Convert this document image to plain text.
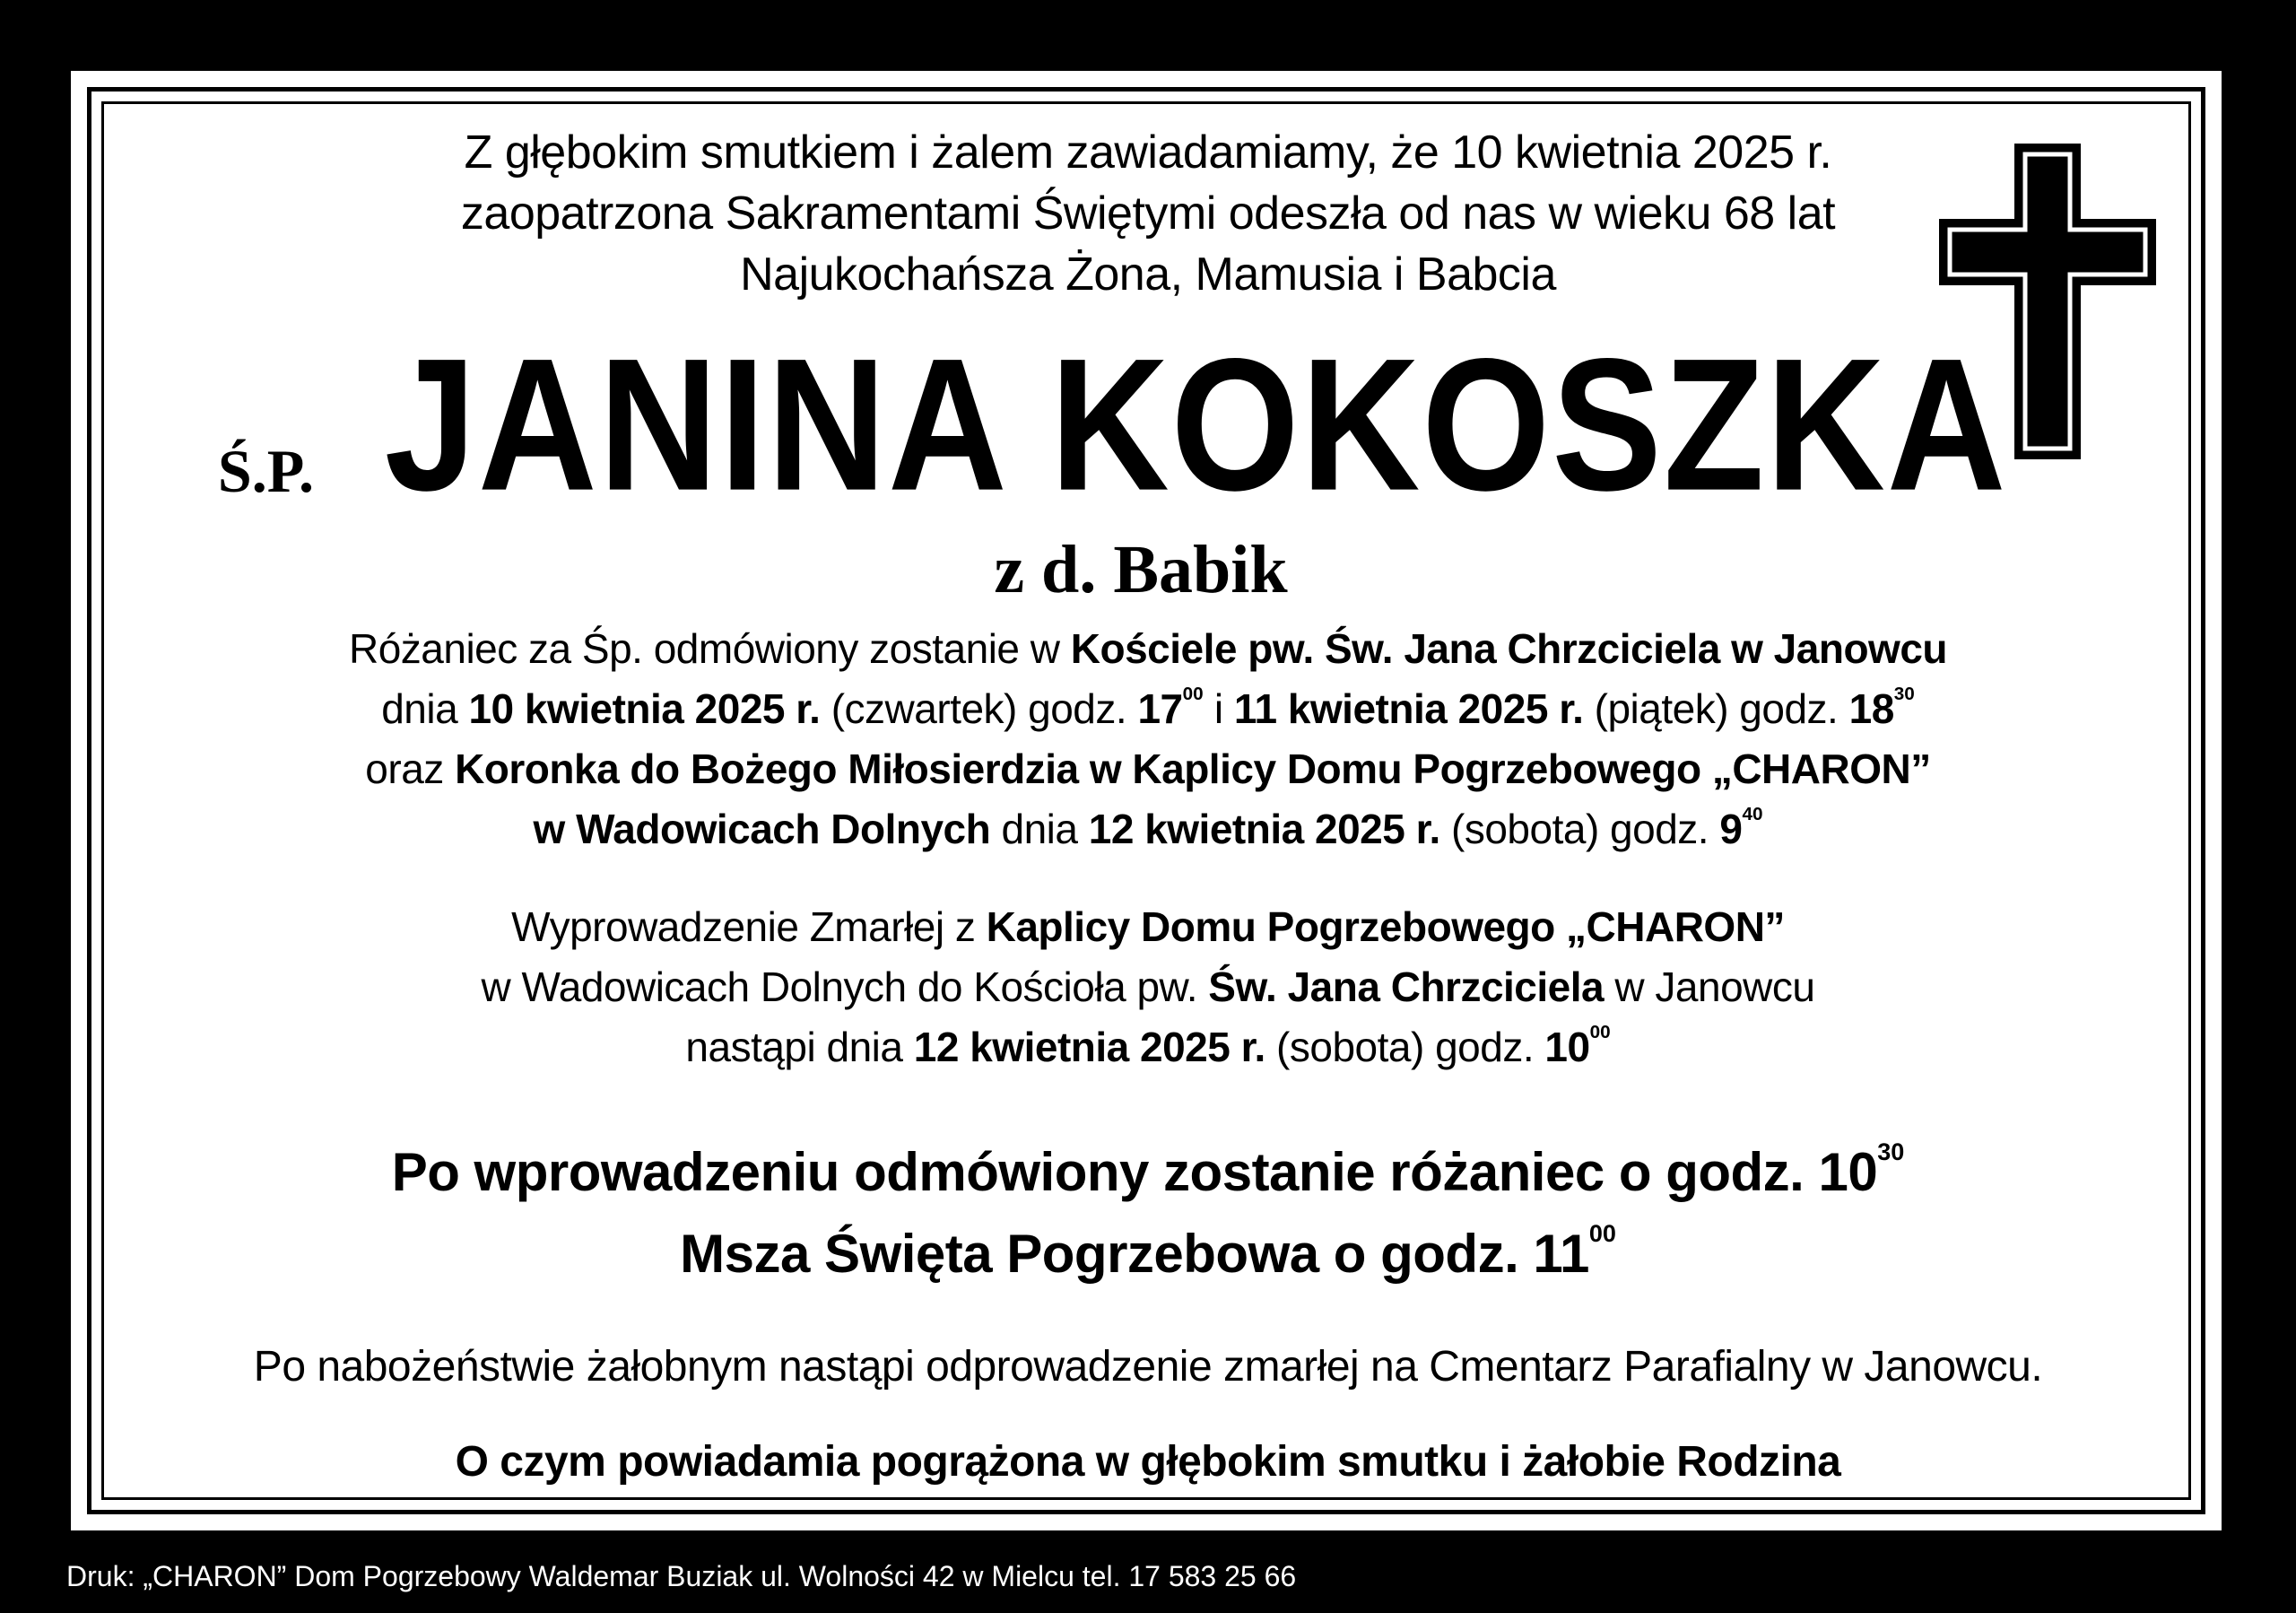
Z głębokim smutkiem i żalem zawiadamiamy, że 10 kwietnia 2025 r.
zaopatrzona Sakramentami Świętymi odeszła od nas w wieku 68 lat
Najukochańsza Żona, Mamusia i Babcia
Ś.P. JANINA KOKOSZKA
z d. Babik
Różaniec za Śp. odmówiony zostanie w Kościele pw. Św. Jana Chrzciciela w Janowcu
dnia 10 kwietnia 2025 r. (czwartek) godz. $17^{00}$ i 11 kwietnia 2025 r. (piątek) godz. $18^{30}$
oraz Koronka do Bożego Miłosierdzia w Kaplicy Domu Pogrzebowego „CHARON”
w Wadowicach Dolnych dnia 12 kwietnia 2025 r. (sobota) godz. $9^{40}$
Wyprowadzenie Zmarłej z Kaplicy Domu Pogrzebowego „CHARON”
w Wadowicach Dolnych do Kościoła pw. Św. Jana Chrzciciela w Janowcu
nastąpi dnia 12 kwietnia 2025 r. (sobota) godz. $10^{00}$
Po wprowadzeniu odmówiony zostanie różaniec o godz. $10^{30}$
Msza Święta Pogrzebowa o godz. $11^{00}$
Po nabożeństwie żałobnym nastąpi odprowadzenie zmarłej na Cmentarz Parafialny w Janowcu.
O czym powiadamia pogrążona w głębokim smutku i żałobie Rodzina
Druk: „CHARON” Dom Pogrzebowy Waldemar Buziak ul. Wolności 42 w Mielcu tel. 17 583 25 66
